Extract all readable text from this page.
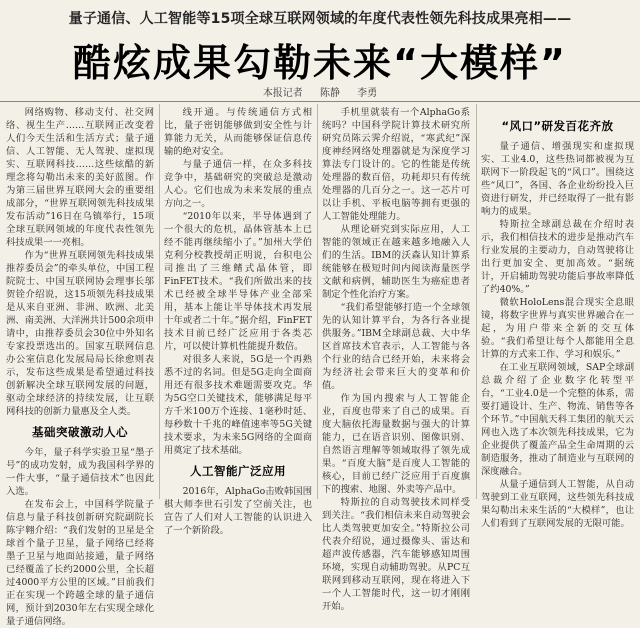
量子通信、人工智能等15项全球互联网领域的年度代表性领先科技成果亮相——
酷炫成果勾勒未来“大模样”
本报记者 陈静 李勇

网络购物、移动支付、社交网络、视生生产……互联网正改变着人们今天生活和生活方式；量子通信、人工智能、无人驾驶、虚拟现实、互联网科技……这些炫酷的新理念将勾勒出未来的美好蓝图。作为第三届世界互联网大会的重要组成部分，“世界互联网领先科技成果发布活动”16日在乌镇举行，15项全球互联网领域的年度代表性领先科技成果一一亮相。

作为“世界互联网领先科技成果推荐委员会”的牵头单位，中国工程院院士、中国互联网协会理事长邬贺铨介绍说，这15项领先科技成果是从来自亚洲、非洲、欧洲、北美洲、南美洲、大洋洲共计500余项申请中，由推荐委员会30位中外知名专家投票选出的。国家互联网信息办公室信息化发展局局长徐愈则表示，发布这些成果是希望通过科技创新解决全球互联网发展的问题，驱动全球经济的持续发展，让互联网科技的创新力量惠及全人类。

基础突破激动人心

今年，量子科学实验卫星“墨子号”的成功发射，成为我国科学界的一件大事，“量子通信技术”也因此入选。

在发布会上，中国科学院量子信息与量子科技创新研究院副院长陈宇翱介绍：“我们发射的卫星是全球首个量子卫星，量子网络已经将墨子卫星与地面站接通，量子网络已经覆盖了长约2000公里，全长超过4000平方公里的区域。”目前我们正在实现一个跨越全球的量子通信网，预计到2030年左右实现全球化量子通信网络。

线开通。与传统通信方式相比，量子密钥能够做到安全性与计算能力无关，从而能够保证信息传输的绝对安全。

与量子通信一样，在众多科技竞争中，基础研究的突破总是激动人心。它们也成为未来发展的重点方向之一。

“2010年以来，半导体遇到了一个很大的危机，晶体管基本上已经不能再继续缩小了。”加州大学伯克利分校教授胡正明说，台积电公司推出了三维鳍式晶体管，即FinFET技术。“我们所做出来的技术已经被全球半导体产业全部采用，基本上能让半导体技术再发展十年或者二十年。”据介绍，FinFET技术目前已经广泛应用于各类芯片，可以使计算机性能提升数倍。

对很多人来说，5G是一个再熟悉不过的名词。但是5G走向全面商用还有很多技术难题需要攻克。华为5G空口关键技术，能够满足每平方千米100万个连接、1毫秒时延、每秒数十千兆的峰值速率等5G关键技术要求，为未来5G网络的全面商用奠定了技术基础。

人工智能广泛应用

2016年，AlphaGo击败韩国围棋大师李世石引发了空前关注，也宣告了人们对人工智能的认识进入了一个新阶段。

手机里就装有一个AlphaGo系统吗？中国科学院计算技术研究所研究员陈云霁介绍说，“寒武纪”深度神经网络处理器就是为深度学习算法专门设计的。它的性能是传统处理器的数百倍，功耗却只有传统处理器的几百分之一。这一芯片可以让手机、平板电脑等拥有更强的人工智能处理能力。

从理论研究到实际应用，人工智能的领域正在越来越多地融入人们的生活。IBM的沃森认知计算系统能够在极短时间内阅读海量医学文献和病例，辅助医生为癌症患者制定个性化治疗方案。

“我们希望能够打造一个全球领先的认知计算平台，为各行各业提供服务。”IBM全球副总裁、大中华区首席技术官表示，人工智能与各个行业的结合已经开始，未来将会为经济社会带来巨大的变革和价值。

作为国内搜索与人工智能企业，百度也带来了自己的成果。百度大脑依托海量数据与强大的计算能力，已在语音识别、图像识别、自然语言理解等领域取得了领先成果。“百度大脑”是百度人工智能的核心，目前已经广泛应用于百度旗下的搜索、地图、外卖等产品中。

特斯拉的自动驾驶技术同样受到关注。“我们相信未来自动驾驶会比人类驾驶更加安全。”特斯拉公司代表介绍说，通过摄像头、雷达和超声波传感器，汽车能够感知周围环境，实现自动辅助驾驶。从PC互联网到移动互联网，现在将进入下一个人工智能时代，这一切才刚刚开始。

“风口”研发百花齐放

量子通信、增强现实和虚拟现实、工业4.0，这些热词都被视为互联网下一阶段起飞的“风口”。围绕这些“风口”，各国、各企业纷纷投入巨资进行研发，并已经取得了一批有影响力的成果。

特斯拉全球副总裁在介绍时表示，我们相信技术的进步是推动汽车行业发展的主要动力，自动驾驶将让出行更加安全、更加高效。“据统计，开启辅助驾驶功能后事故率降低了约40%。”

微软HoloLens混合现实全息眼镜，将数字世界与真实世界融合在一起，为用户带来全新的交互体验。“我们希望让每个人都能用全息计算的方式来工作、学习和娱乐。”

在工业互联网领域，SAP全球副总裁介绍了企业数字化转型平台，“工业4.0是一个完整的体系，需要打通设计、生产、物流、销售等各个环节。”中国航天科工集团的航天云网也入选了本次领先科技成果，它为企业提供了覆盖产品全生命周期的云制造服务，推动了制造业与互联网的深度融合。

从量子通信到人工智能，从自动驾驶到工业互联网，这些领先科技成果勾勒出未来生活的“大模样”，也让人们看到了互联网发展的无限可能。
